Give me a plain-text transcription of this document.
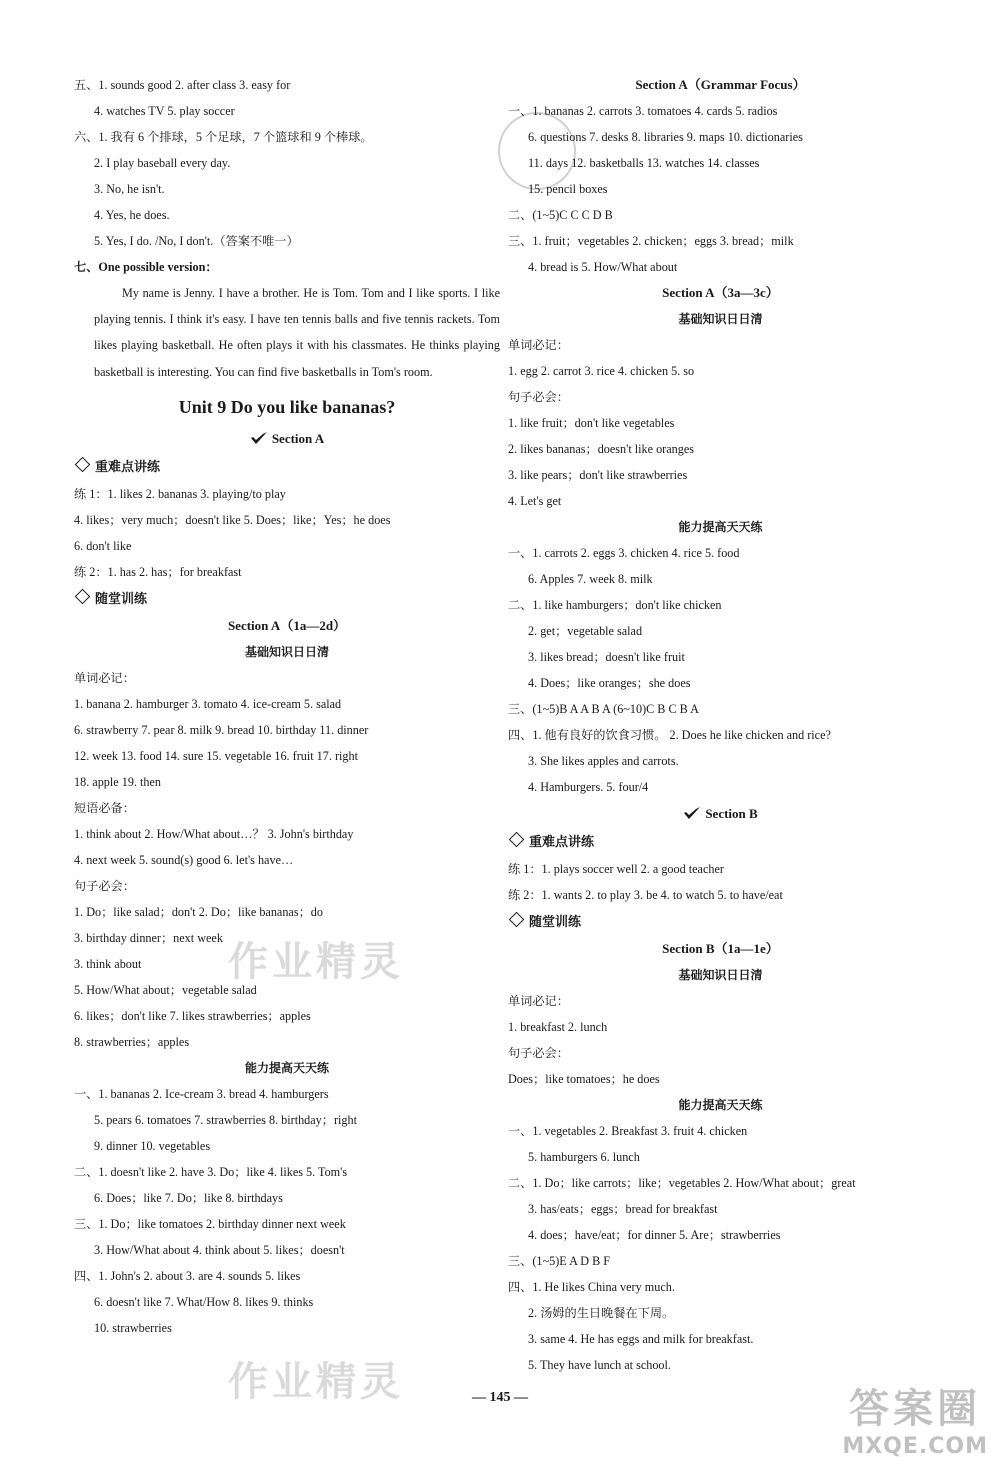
作业精灵
作业精灵
答案圈
MXQE.COM
五、1. sounds good 2. after class 3. easy for
4. watches TV 5. play soccer
六、1. 我有 6 个排球，5 个足球，7 个篮球和 9 个棒球。
2. I play baseball every day.
3. No, he isn't.
4. Yes, he does.
5. Yes, I do. /No, I don't.（答案不唯一）
七、One possible version：

My name is Jenny. I have a brother. He is Tom. Tom and I like sports. I like playing tennis. I think it's easy. I have ten tennis balls and five tennis rackets. Tom likes playing basketball. He often plays it with his classmates. He thinks playing basketball is interesting. You can find five basketballs in Tom's room.

Unit 9 Do you like bananas?
Section A
重难点讲练
练 1：1. likes 2. bananas 3. playing/to play
4. likes；very much；doesn't like 5. Does；like；Yes；he does
6. don't like
练 2：1. has 2. has；for breakfast
随堂训练
Section A（1a—2d）
基础知识日日清
单词必记：
1. banana 2. hamburger 3. tomato 4. ice-cream 5. salad
6. strawberry 7. pear 8. milk 9. bread 10. birthday 11. dinner
12. week 13. food 14. sure 15. vegetable 16. fruit 17. right
18. apple 19. then
短语必备：
1. think about 2. How/What about…？ 3. John's birthday
4. next week 5. sound(s) good 6. let's have…
句子必会：
1. Do；like salad；don't 2. Do；like bananas；do
3. birthday dinner；next week
3. think about
5. How/What about；vegetable salad
6. likes；don't like 7. likes strawberries；apples
8. strawberries；apples
能力提高天天练
一、1. bananas 2. Ice-cream 3. bread 4. hamburgers
5. pears 6. tomatoes 7. strawberries 8. birthday；right
9. dinner 10. vegetables
二、1. doesn't like 2. have 3. Do；like 4. likes 5. Tom's
6. Does；like 7. Do；like 8. birthdays
三、1. Do；like tomatoes 2. birthday dinner next week
3. How/What about 4. think about 5. likes；doesn't
四、1. John's 2. about 3. are 4. sounds 5. likes
6. doesn't like 7. What/How 8. likes 9. thinks
10. strawberries
Section A（Grammar Focus）
一、1. bananas 2. carrots 3. tomatoes 4. cards 5. radios
6. questions 7. desks 8. libraries 9. maps 10. dictionaries
11. days 12. basketballs 13. watches 14. classes
15. pencil boxes
二、(1~5)C C C D B
三、1. fruit；vegetables 2. chicken；eggs 3. bread；milk
4. bread is 5. How/What about
Section A（3a—3c）
基础知识日日清
单词必记：
1. egg 2. carrot 3. rice 4. chicken 5. so
句子必会：
1. like fruit；don't like vegetables
2. likes bananas；doesn't like oranges
3. like pears；don't like strawberries
4. Let's get
能力提高天天练
一、1. carrots 2. eggs 3. chicken 4. rice 5. food
6. Apples 7. week 8. milk
二、1. like hamburgers；don't like chicken
2. get；vegetable salad
3. likes bread；doesn't like fruit
4. Does；like oranges；she does
三、(1~5)B A A B A (6~10)C B C B A
四、1. 他有良好的饮食习惯。 2. Does he like chicken and rice?
3. She likes apples and carrots.
4. Hamburgers. 5. four/4
Section B
重难点讲练
练 1：1. plays soccer well 2. a good teacher
练 2：1. wants 2. to play 3. be 4. to watch 5. to have/eat
随堂训练
Section B（1a—1e）
基础知识日日清
单词必记：
1. breakfast 2. lunch
句子必会：
Does；like tomatoes；he does
能力提高天天练
一、1. vegetables 2. Breakfast 3. fruit 4. chicken
5. hamburgers 6. lunch
二、1. Do；like carrots；like；vegetables 2. How/What about；great
3. has/eats；eggs；bread for breakfast
4. does；have/eat；for dinner 5. Are；strawberries
三、(1~5)E A D B F
四、1. He likes China very much.
2. 汤姆的生日晚餐在下周。
3. same 4. He has eggs and milk for breakfast.
5. They have lunch at school.
— 145 —
